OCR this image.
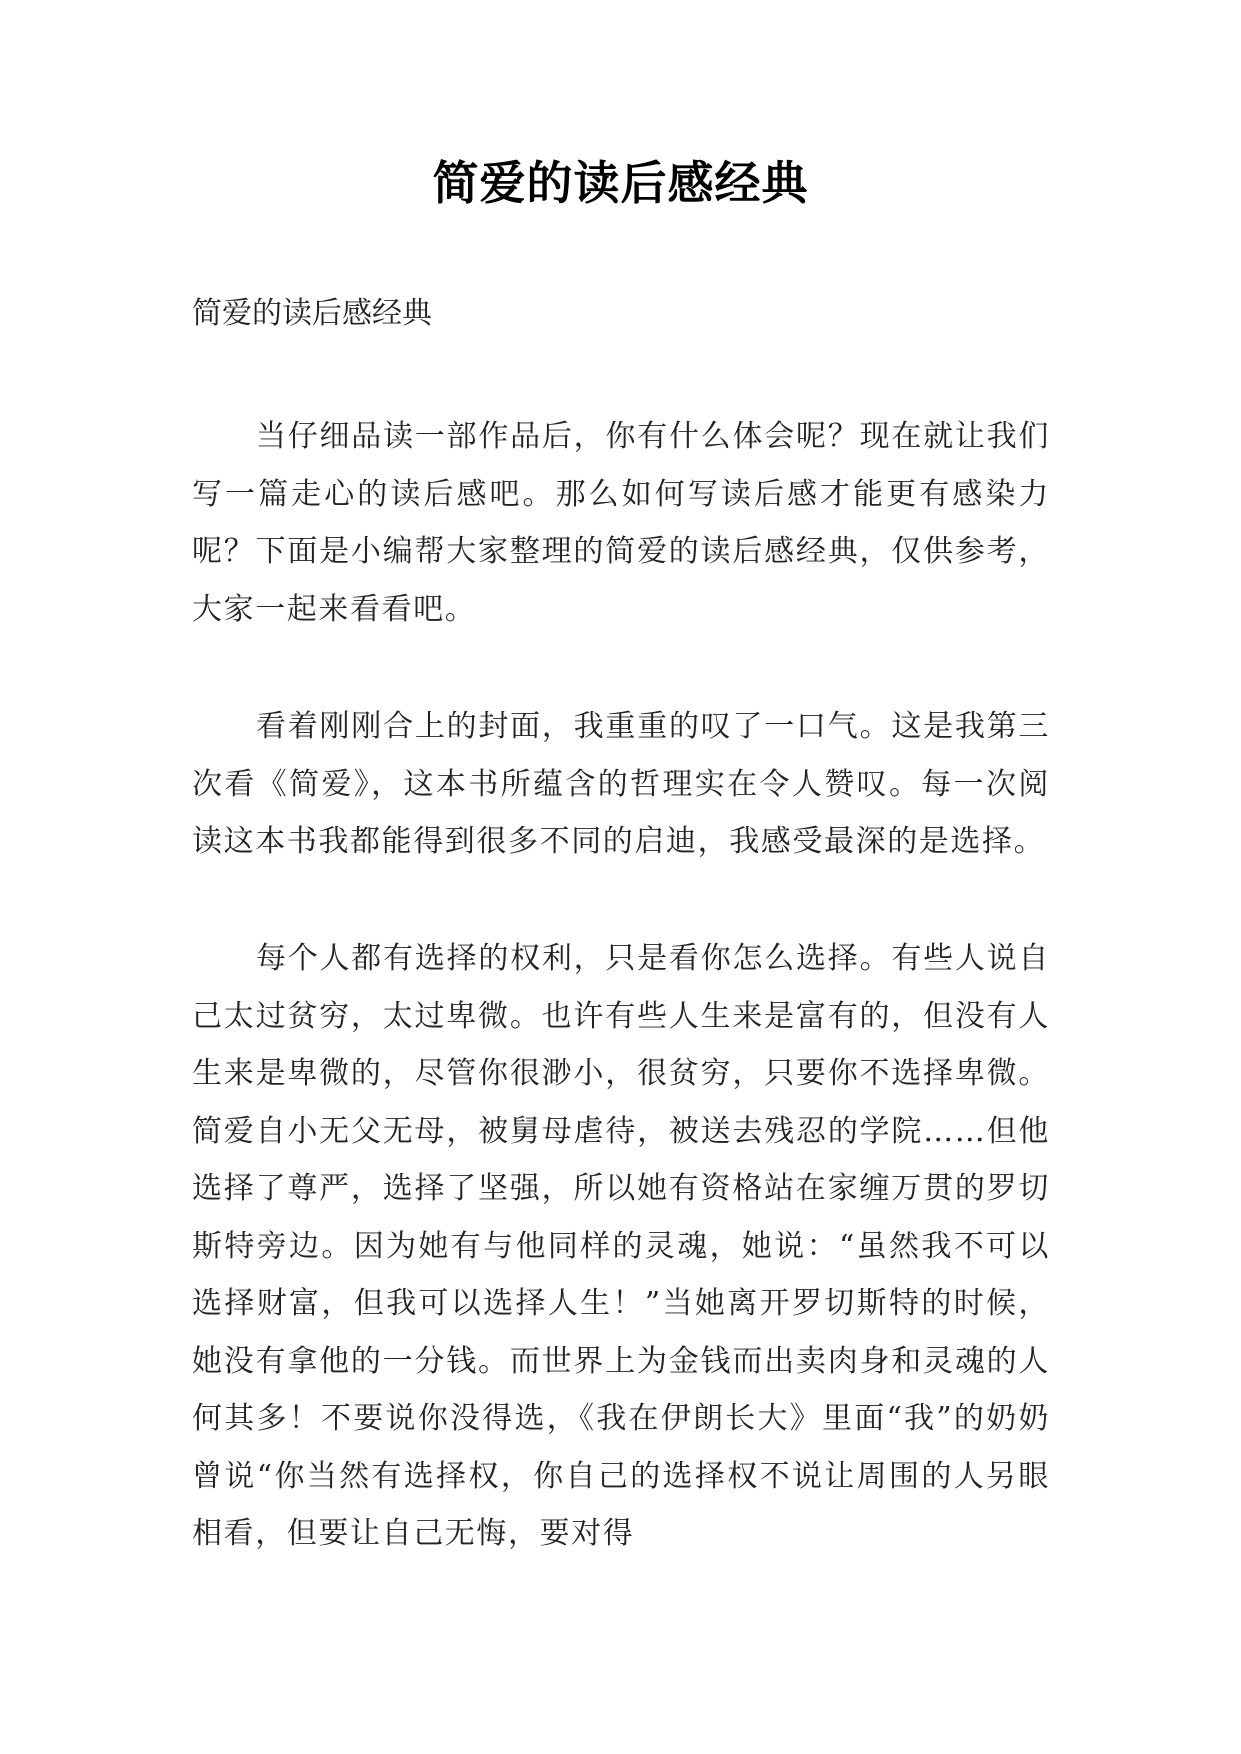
简爱的读后感经典
简爱的读后感经典

当仔细品读一部作品后，你有什么体会呢？现在就让我们写一篇走心的读后感吧。那么如何写读后感才能更有感染力呢？下面是小编帮大家整理的简爱的读后感经典，仅供参考，大家一起来看看吧。

看着刚刚合上的封面，我重重的叹了一口气。这是我第三次看《简爱》，这本书所蕴含的哲理实在令人赞叹。每一次阅读这本书我都能得到很多不同的启迪，我感受最深的是选择。

每个人都有选择的权利，只是看你怎么选择。有些人说自己太过贫穷，太过卑微。也许有些人生来是富有的，但没有人生来是卑微的，尽管你很渺小，很贫穷，只要你不选择卑微。简爱自小无父无母，被舅母虐待，被送去残忍的学院……但他选择了尊严，选择了坚强，所以她有资格站在家缠万贯的罗切斯特旁边。因为她有与他同样的灵魂，她说：“虽然我不可以选择财富，但我可以选择人生！”当她离开罗切斯特的时候，她没有拿他的一分钱。而世界上为金钱而出卖肉身和灵魂的人何其多！不要说你没得选，《我在伊朗长大》里面“我”的奶奶曾说“你当然有选择权，你自己的选择权不说让周围的人另眼相看，但要让自己无悔，要对得
